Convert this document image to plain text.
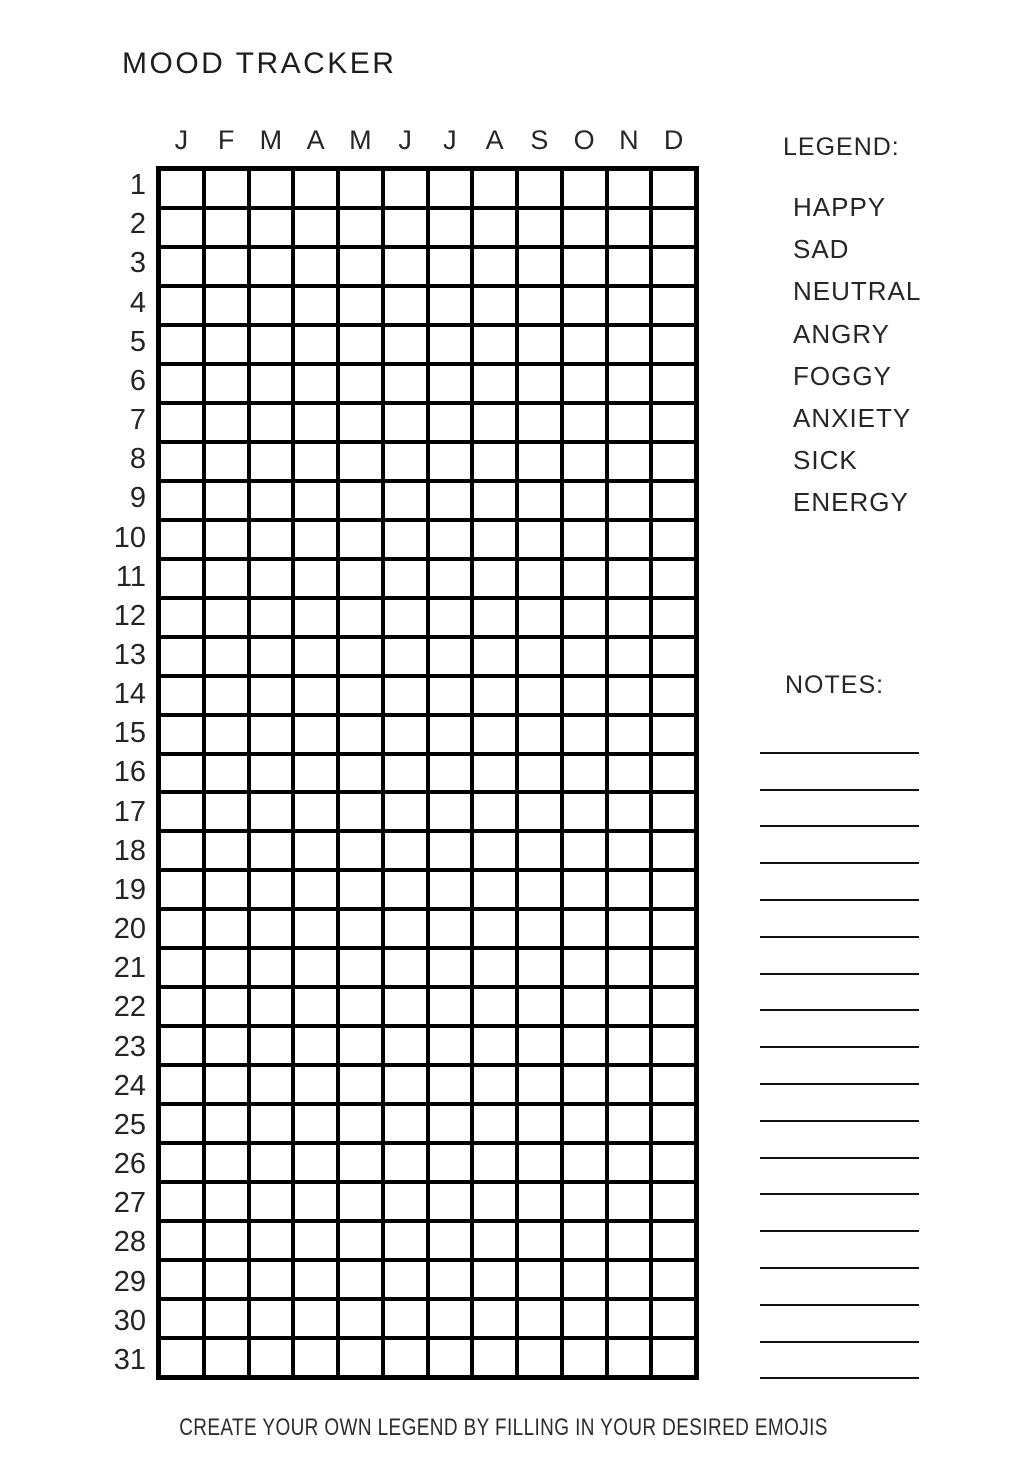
MOOD TRACKER
J	F M A M J	J	A S O N D
1
2
3
4
5
6
7
8
9
10
11
12
13
14
15
16
17
18
19
20
21
22
23
24
25
26
27
28
29
30
31
LEGEND:
HAPPY
SAD
NEUTRAL
ANGRY
FOGGY
ANXIETY
SICK
ENERGY
NOTES:
CREATE YOUR OWN LEGEND BY FILLING IN YOUR DESIRED EMOJIS
